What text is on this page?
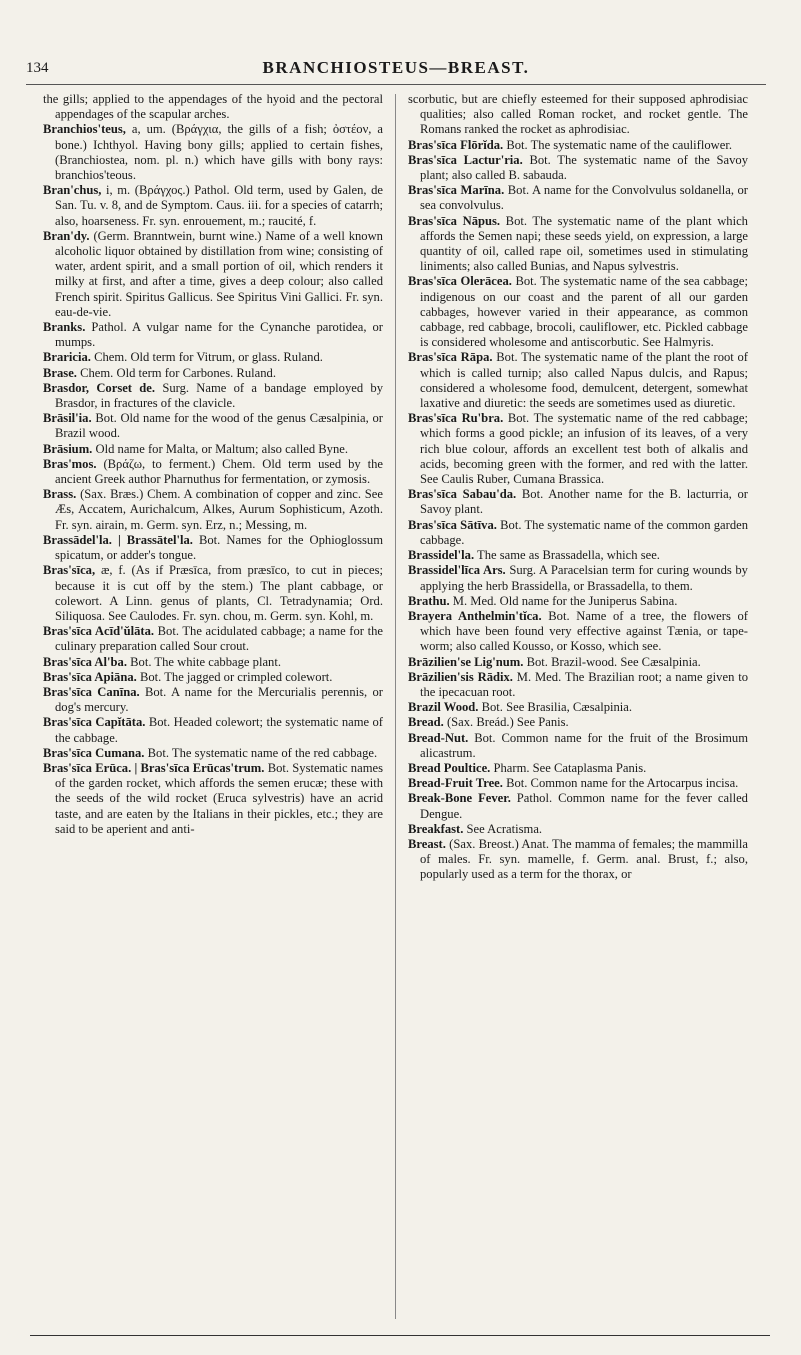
134	BRANCHIOSTEUS—BREAST.

the gills; applied to the appendages of the hyoid and the pectoral appendages of the scapular arches.

Branchios'teus, a, um. (Βράγχια, the gills of a fish; ὀστέον, a bone.) Ichthyol. Having bony gills; applied to certain fishes, (Branchiostea, nom. pl. n.) which have gills with bony rays: branchios'teous.

Bran'chus, i, m. (Βράγχος.) Pathol. Old term, used by Galen, de San. Tu. v. 8, and de Symptom. Caus. iii. for a species of catarrh; also, hoarseness. Fr. syn. enrouement, m.; raucité, f.

Bran'dy. (Germ. Branntwein, burnt wine.) Name of a well known alcoholic liquor obtained by distillation from wine; consisting of water, ardent spirit, and a small portion of oil, which renders it milky at first, and after a time, gives a deep colour; also called French spirit. Spiritus Gallicus. See Spiritus Vini Gallici. Fr. syn. eau-de-vie.

Branks. Pathol. A vulgar name for the Cynanche parotidea, or mumps.

Braricia. Chem. Old term for Vitrum, or glass. Ruland.

Brase. Chem. Old term for Carbones. Ruland.

Brasdor, Corset de. Surg. Name of a bandage employed by Brasdor, in fractures of the clavicle.

Brāsil'ia. Bot. Old name for the wood of the genus Cæsalpinia, or Brazil wood.

Brāsium. Old name for Malta, or Maltum; also called Byne.

Bras'mos. (Βράζω, to ferment.) Chem. Old term used by the ancient Greek author Pharnuthus for fermentation, or zymosis.

Brass. (Sax. Bræs.) Chem. A combination of copper and zinc. See Æs, Accatem, Aurichalcum, Alkes, Aurum Sophisticum, Azoth. Fr. syn. airain, m. Germ. syn. Erz, n.; Messing, m.

Brassādel'la. | Brassātel'la. Bot. Names for the Ophioglossum spicatum, or adder's tongue.

Bras'sīca, æ, f. (As if Præsīca, from præsīco, to cut in pieces; because it is cut off by the stem.) The plant cabbage, or colewort. A Linn. genus of plants, Cl. Tetradynamia; Ord. Siliquosa. See Caulodes. Fr. syn. chou, m. Germ. syn. Kohl, m.

Bras'sīca Acīd'ŭlāta. Bot. The acidulated cabbage; a name for the culinary preparation called Sour crout.

Bras'sīca Al'ba. Bot. The white cabbage plant.

Bras'sīca Apiāna. Bot. The jagged or crimpled colewort.

Bras'sīca Canīna. Bot. A name for the Mercurialis perennis, or dog's mercury.

Bras'sīca Capĭtāta. Bot. Headed colewort; the systematic name of the cabbage.

Bras'sīca Cumana. Bot. The systematic name of the red cabbage.

Bras'sīca Erūca. | Bras'sīca Erūcas'trum. Bot. Systematic names of the garden rocket, which affords the semen erucæ; these with the seeds of the wild rocket (Eruca sylvestris) have an acrid taste, and are eaten by the Italians in their pickles, etc.; they are said to be aperient and anti-

scorbutic, but are chiefly esteemed for their supposed aphrodisiac qualities; also called Roman rocket, and rocket gentle. The Romans ranked the rocket as aphrodisiac.

Bras'sīca Flōrĭda. Bot. The systematic name of the cauliflower.

Bras'sīca Lactur'ria. Bot. The systematic name of the Savoy plant; also called B. sabauda.

Bras'sīca Marīna. Bot. A name for the Convolvulus soldanella, or sea convolvulus.

Bras'sīca Nāpus. Bot. The systematic name of the plant which affords the Semen napi; these seeds yield, on expression, a large quantity of oil, called rape oil, sometimes used in stimulating liniments; also called Bunias, and Napus sylvestris.

Bras'sīca Olerācea. Bot. The systematic name of the sea cabbage; indigenous on our coast and the parent of all our garden cabbages, however varied in their appearance, as common cabbage, red cabbage, brocoli, cauliflower, etc. Pickled cabbage is considered wholesome and antiscorbutic. See Halmyris.

Bras'sīca Rāpa. Bot. The systematic name of the plant the root of which is called turnip; also called Napus dulcis, and Rapus; considered a wholesome food, demulcent, detergent, somewhat laxative and diuretic: the seeds are sometimes used as diuretic.

Bras'sīca Ru'bra. Bot. The systematic name of the red cabbage; which forms a good pickle; an infusion of its leaves, of a very rich blue colour, affords an excellent test both of alkalis and acids, becoming green with the former, and red with the latter. See Caulis Ruber, Cumana Brassica.

Bras'sīca Sabau'da. Bot. Another name for the B. lacturria, or Savoy plant.

Bras'sīca Sātīva. Bot. The systematic name of the common garden cabbage.

Brassidel'la. The same as Brassadella, which see.

Brassidel'līca Ars. Surg. A Paracelsian term for curing wounds by applying the herb Brassidella, or Brassadella, to them.

Brathu. M. Med. Old name for the Juniperus Sabina.

Brayera Anthelmin'tĭca. Bot. Name of a tree, the flowers of which have been found very effective against Tænia, or tape-worm; also called Kousso, or Kosso, which see.

Brāzilien'se Lig'num. Bot. Brazil-wood. See Cæsalpinia.

Brāzilien'sis Rādix. M. Med. The Brazilian root; a name given to the ipecacuan root.

Brazil Wood. Bot. See Brasilia, Cæsalpinia.

Bread. (Sax. Breád.) See Panis.

Bread-Nut. Bot. Common name for the fruit of the Brosimum alicastrum.

Bread Poultice. Pharm. See Cataplasma Panis.

Bread-Fruit Tree. Bot. Common name for the Artocarpus incisa.

Break-Bone Fever. Pathol. Common name for the fever called Dengue.

Breakfast. See Acratisma.

Breast. (Sax. Breost.) Anat. The mamma of females; the mammilla of males. Fr. syn. mamelle, f. Germ. anal. Brust, f.; also, popularly used as a term for the thorax, or
